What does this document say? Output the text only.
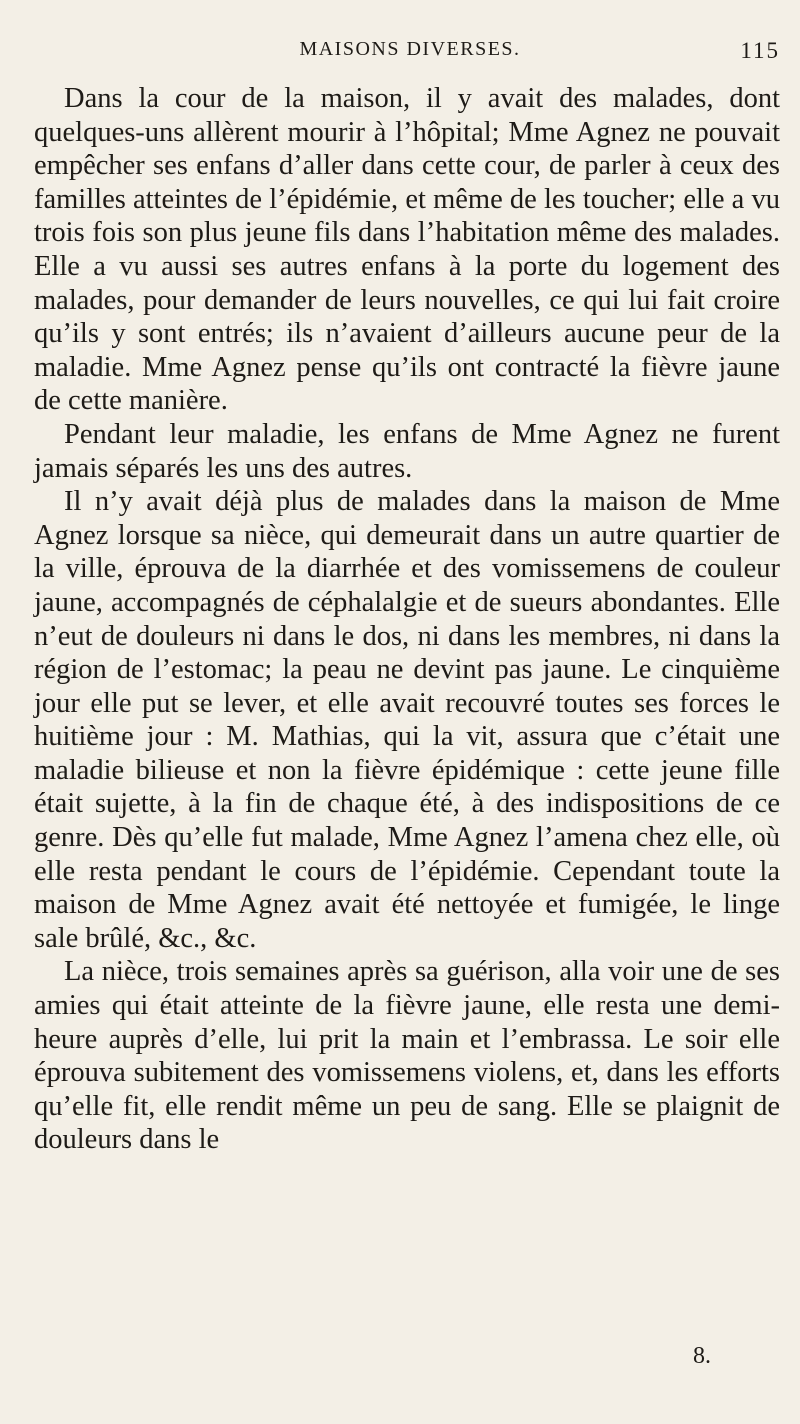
MAISONS DIVERSES.	115

Dans la cour de la maison, il y avait des malades, dont quelques-uns allèrent mourir à l’hôpital; Mme Agnez ne pouvait empêcher ses enfans d’aller dans cette cour, de parler à ceux des familles atteintes de l’épidémie, et même de les toucher; elle a vu trois fois son plus jeune fils dans l’habitation même des malades. Elle a vu aussi ses autres enfans à la porte du logement des malades, pour demander de leurs nouvelles, ce qui lui fait croire qu’ils y sont entrés; ils n’avaient d’ailleurs aucune peur de la maladie. Mme Agnez pense qu’ils ont contracté la fièvre jaune de cette manière.

Pendant leur maladie, les enfans de Mme Agnez ne furent jamais séparés les uns des autres.

Il n’y avait déjà plus de malades dans la maison de Mme Agnez lorsque sa nièce, qui demeurait dans un autre quartier de la ville, éprouva de la diarrhée et des vomissemens de couleur jaune, accompagnés de céphalalgie et de sueurs abondantes. Elle n’eut de douleurs ni dans le dos, ni dans les membres, ni dans la région de l’estomac; la peau ne devint pas jaune. Le cinquième jour elle put se lever, et elle avait recouvré toutes ses forces le huitième jour : M. Mathias, qui la vit, assura que c’était une maladie bilieuse et non la fièvre épidémique : cette jeune fille était sujette, à la fin de chaque été, à des indispositions de ce genre. Dès qu’elle fut malade, Mme Agnez l’amena chez elle, où elle resta pendant le cours de l’épidémie. Cependant toute la maison de Mme Agnez avait été nettoyée et fumigée, le linge sale brûlé, &c., &c.

La nièce, trois semaines après sa guérison, alla voir une de ses amies qui était atteinte de la fièvre jaune, elle resta une demi-heure auprès d’elle, lui prit la main et l’embrassa. Le soir elle éprouva subitement des vomissemens violens, et, dans les efforts qu’elle fit, elle rendit même un peu de sang. Elle se plaignit de douleurs dans le

8.
